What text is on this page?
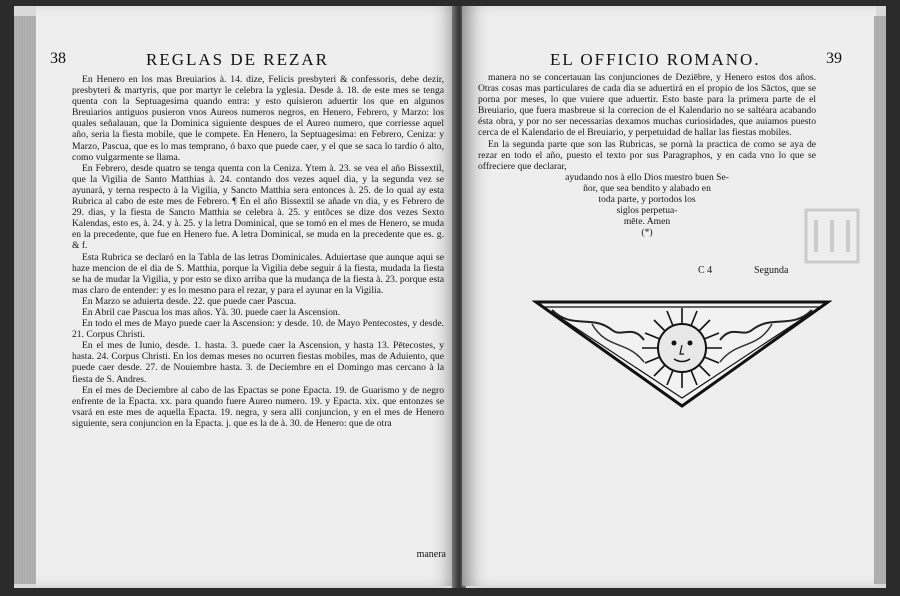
38	REGLAS DE REZAR

En Henero en los mas Breuiarios à. 14. dize, Felicis presbyteri & confessoris, debe dezir, presbyteri & martyris, que por martyr le celebra la yglesia. Desde à. 18. de este mes se tenga quenta con la Septuagesima quando entra: y esto quisieron aduertir los que en algunos Breuiarios antiguos pusieron vnos Aureos numeros negros, en Henero, Febrero, y Marzo: los quales señalauan, que la Dominica siguiente despues de el Aureo numero, que corriesse aquel año, seria la fiesta mobile, que le compete. En Henero, la Septuagesima: en Febrero, Ceniza: y Marzo, Pascua, que es lo mas temprano, ó baxo que puede caer, y el que se saca lo tardio ó alto, como vulgarmente se llama.

En Febrero, desde quatro se tenga quenta con la Ceniza. Ytem à. 23. se vea el año Bissextil, que la Vigilia de Santo Matthias à. 24. contando dos vezes aquel dia, y la segunda vez se ayunará, y terna respecto à la Vigilia, y Sancto Matthia sera entonces à. 25. de lo qual ay esta Rubrica al cabo de este mes de Febrero. ¶ En el año Bissextil se añade vn dia, y es Febrero de 29. dias, y la fiesta de Sancto Matthia se celebra à. 25. y entõces se dize dos vezes Sexto Kalendas, esto es, à. 24. y à. 25. y la letra Dominical, que se tomó en el mes de Henero, se muda en la precedente, que fue en Henero fue. A letra Dominical, se muda en la precedente que es. g. & f.

Esta Rubrica se declaró en la Tabla de las letras Dominicales. Aduiertase que aunque aqui se haze mencion de el dia de S. Matthia, porque la Vigilia debe seguir á la fiesta, mudada la fiesta se ha de mudar la Vigilia, y por esto se dixo arriba que la mudança de la fiesta à. 23. porque esta mas claro de entender: y es lo mesmo para el rezar, y para el ayunar en la Vigilia.

En Marzo se aduierta desde. 22. que puede caer Pascua.

En Abril cae Pascua los mas años. Yà. 30. puede caer la Ascension.

En todo el mes de Mayo puede caer la Ascension: y desde. 10. de Mayo Pentecostes, y desde. 21. Corpus Christi.

En el mes de Iunio, desde. 1. hasta. 3. puede caer la Ascension, y hasta 13. Pētecostes, y hasta. 24. Corpus Christi. En los demas meses no ocurren fiestas mobiles, mas de Aduiento, que puede caer desde. 27. de Nouiembre hasta. 3. de Deciembre en el Domingo mas cercano à la fiesta de S. Andres.

En el mes de Deciembre al cabo de las Epactas se pone Epacta. 19. de Guarismo y de negro enfrente de la Epacta. xx. para quando fuere Aureo numero. 19. y Epacta. xix. que entonzes se vsará en este mes de aquella Epacta. 19. negra, y sera alli conjuncion, y en el mes de Henero siguiente, sera conjuncion en la Epacta. j. que es la de à. 30. de Henero: que de otra

manera
EL OFFICIO ROMANO.	39

manera no se concertauan las conjunciones de Deziēbre, y Henero estos dos años. Otras cosas mas particulares de cada dia se aduertirá en el propio de los Sāctos, que se porna por meses, lo que vuiere que aduertir. Esto baste para la primera parte de el Breuiario, que fuera masbreue si la correcion de el Kalendario no se saltéara acabando ésta obra, y por no ser necessarias dexamos muchas curiosidades, que auiamos puesto cerca de el Kalendario de el Breuiario, y perpetuidad de hallar las fiestas mobiles.

En la segunda parte que son las Rubricas, se pornà la practica de como se aya de rezar en todo el año, puesto el texto por sus Paragraphos, y en cada vno lo que se offreciere que declarar,

ayudando nos à ello Dios nuestro buen Se-
ñor, que sea bendito y alabado en
toda parte, y portodos los
siglos perpetua-
mēte. Amen
(*)
C 4	Segunda
